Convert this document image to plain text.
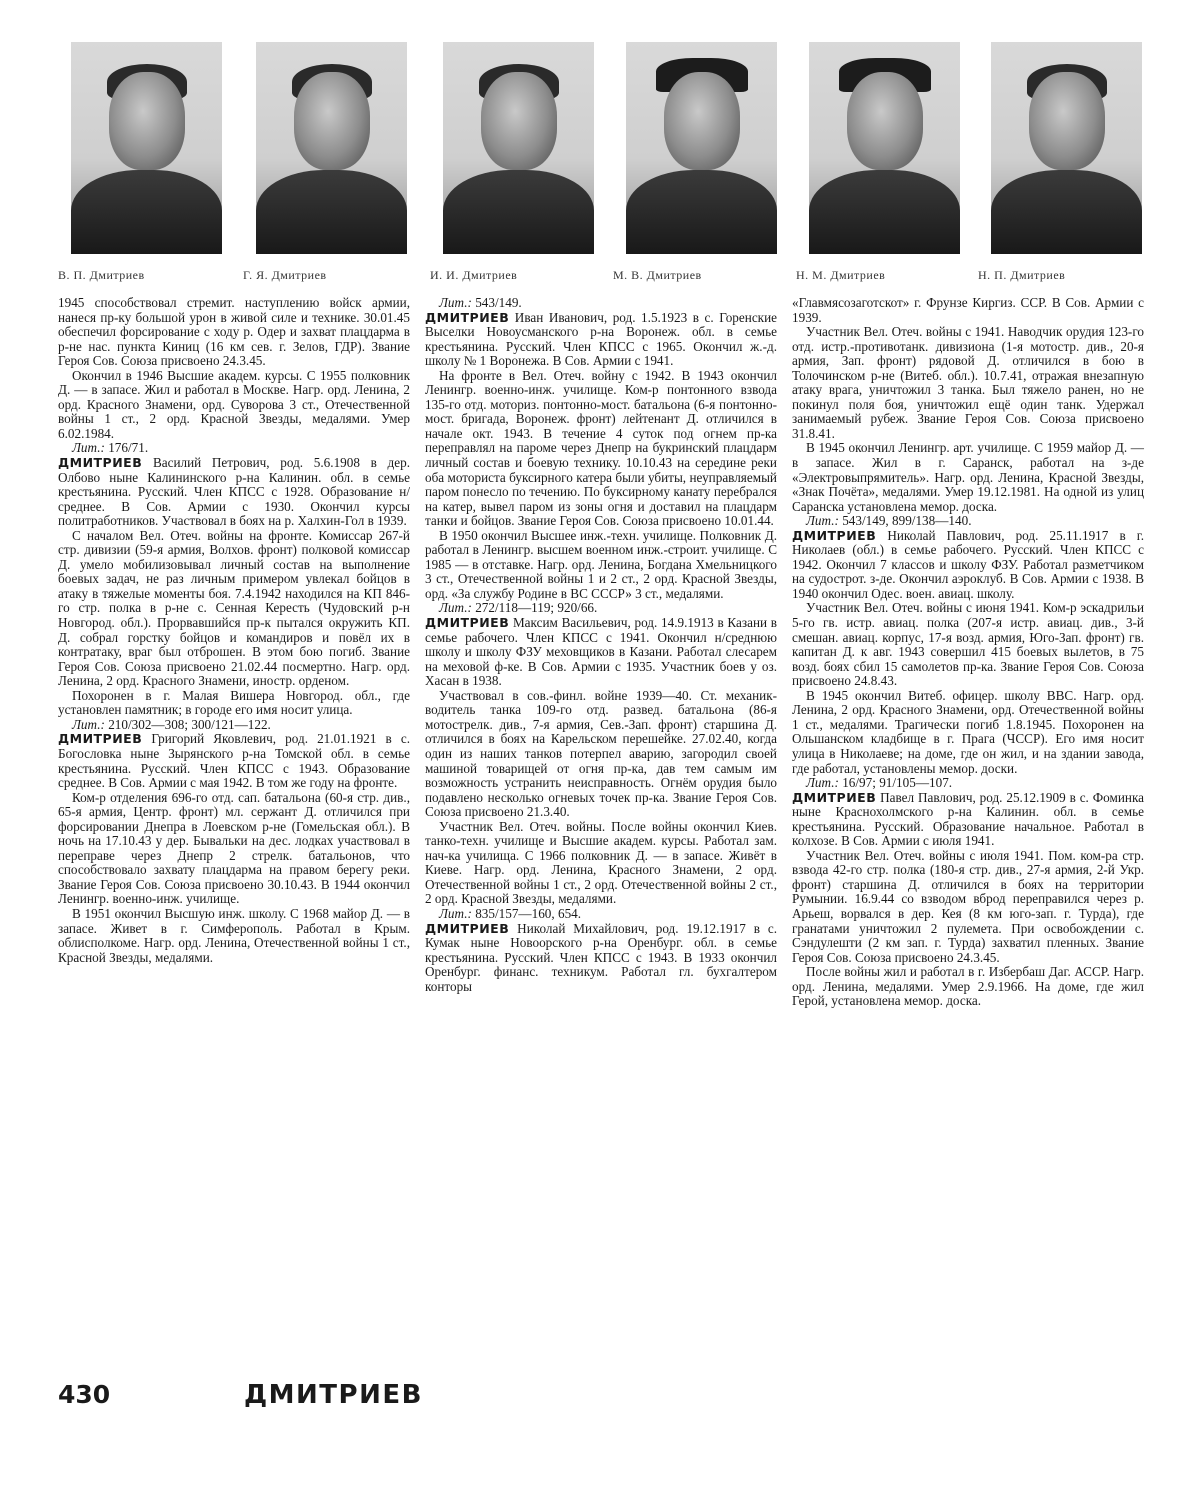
В. П. Дмитриев	Г. Я. Дмитриев	И. И. Дмитриев	М. В. Дмитриев	Н. М. Дмитриев	Н. П. Дмитриев

1945 способствовал стремит. наступлению войск армии, нанеся пр-ку большой урон в живой силе и технике. 30.01.45 обеспечил форсирование с ходу р. Одер и захват плацдарма в р-не нас. пункта Киниц (16 км сев. г. Зелов, ГДР). Звание Героя Сов. Союза присвоено 24.3.45.

Окончил в 1946 Высшие академ. курсы. С 1955 полковник Д. — в запасе. Жил и работал в Москве. Нагр. орд. Ленина, 2 орд. Красного Знамени, орд. Суворова 3 ст., Отечественной войны 1 ст., 2 орд. Красной Звезды, медалями. Умер 6.02.1984.

Лит.: 176/71.

ДМИТРИЕВ Василий Петрович, род. 5.6.1908 в дер. Олбово ныне Калининского р-на Калинин. обл. в семье крестьянина. Русский. Член КПСС с 1928. Образование н/среднее. В Сов. Армии с 1930. Окончил курсы политработников. Участвовал в боях на р. Халхин-Гол в 1939.

С началом Вел. Отеч. войны на фронте. Комиссар 267-й стр. дивизии (59-я армия, Волхов. фронт) полковой комиссар Д. умело мобилизовывал личный состав на выполнение боевых задач, не раз личным примером увлекал бойцов в атаку в тяжелые моменты боя. 7.4.1942 находился на КП 846-го стр. полка в р-не с. Сенная Кересть (Чудовский р-н Новгород. обл.). Прорвавшийся пр-к пытался окружить КП. Д. собрал горстку бойцов и командиров и повёл их в контратаку, враг был отброшен. В этом бою погиб. Звание Героя Сов. Союза присвоено 21.02.44 посмертно. Нагр. орд. Ленина, 2 орд. Красного Знамени, иностр. орденом.

Похоронен в г. Малая Вишера Новгород. обл., где установлен памятник; в городе его имя носит улица.

Лит.: 210/302—308; 300/121—122.

ДМИТРИЕВ Григорий Яковлевич, род. 21.01.1921 в с. Богословка ныне Зырянского р-на Томской обл. в семье крестьянина. Русский. Член КПСС с 1943. Образование среднее. В Сов. Армии с мая 1942. В том же году на фронте.

Ком-р отделения 696-го отд. сап. батальона (60-я стр. див., 65-я армия, Центр. фронт) мл. сержант Д. отличился при форсировании Днепра в Лоевском р-не (Гомельская обл.). В ночь на 17.10.43 у дер. Бывальки на дес. лодках участвовал в переправе через Днепр 2 стрелк. батальонов, что способствовало захвату плацдарма на правом берегу реки. Звание Героя Сов. Союза присвоено 30.10.43. В 1944 окончил Ленингр. военно-инж. училище.

В 1951 окончил Высшую инж. школу. С 1968 майор Д. — в запасе. Живет в г. Симферополь. Работал в Крым. облисполкоме. Нагр. орд. Ленина, Отечественной войны 1 ст., Красной Звезды, медалями.

Лит.: 543/149.

ДМИТРИЕВ Иван Иванович, род. 1.5.1923 в с. Горенские Выселки Новоусманского р-на Воронеж. обл. в семье крестьянина. Русский. Член КПСС с 1965. Окончил ж.-д. школу № 1 Воронежа. В Сов. Армии с 1941.

На фронте в Вел. Отеч. войну с 1942. В 1943 окончил Ленингр. военно-инж. училище. Ком-р понтонного взвода 135-го отд. моториз. понтонно-мост. батальона (6-я понтонно-мост. бригада, Воронеж. фронт) лейтенант Д. отличился в начале окт. 1943. В течение 4 суток под огнем пр-ка переправлял на пароме через Днепр на букринский плацдарм личный состав и боевую технику. 10.10.43 на середине реки оба моториста буксирного катера были убиты, неуправляемый паром понесло по течению. По буксирному канату перебрался на катер, вывел паром из зоны огня и доставил на плацдарм танки и бойцов. Звание Героя Сов. Союза присвоено 10.01.44.

В 1950 окончил Высшее инж.-техн. училище. Полковник Д. работал в Ленингр. высшем военном инж.-строит. училище. С 1985 — в отставке. Нагр. орд. Ленина, Богдана Хмельницкого 3 ст., Отечественной войны 1 и 2 ст., 2 орд. Красной Звезды, орд. «За службу Родине в ВС СССР» 3 ст., медалями.

Лит.: 272/118—119; 920/66.

ДМИТРИЕВ Максим Васильевич, род. 14.9.1913 в Казани в семье рабочего. Член КПСС с 1941. Окончил н/среднюю школу и школу ФЗУ меховщиков в Казани. Работал слесарем на меховой ф-ке. В Сов. Армии с 1935. Участник боев у оз. Хасан в 1938.

Участвовал в сов.-финл. войне 1939—40. Ст. механик-водитель танка 109-го отд. развед. батальона (86-я мотострелк. див., 7-я армия, Сев.-Зап. фронт) старшина Д. отличился в боях на Карельском перешейке. 27.02.40, когда один из наших танков потерпел аварию, загородил своей машиной товарищей от огня пр-ка, дав тем самым им возможность устранить неисправность. Огнём орудия было подавлено несколько огневых точек пр-ка. Звание Героя Сов. Союза присвоено 21.3.40.

Участник Вел. Отеч. войны. После войны окончил Киев. танко-техн. училище и Высшие академ. курсы. Работал зам. нач-ка училища. С 1966 полковник Д. — в запасе. Живёт в Киеве. Нагр. орд. Ленина, Красного Знамени, 2 орд. Отечественной войны 1 ст., 2 орд. Отечественной войны 2 ст., 2 орд. Красной Звезды, медалями.

Лит.: 835/157—160, 654.

ДМИТРИЕВ Николай Михайлович, род. 19.12.1917 в с. Кумак ныне Новоорского р-на Оренбург. обл. в семье крестьянина. Русский. Член КПСС с 1943. В 1933 окончил Оренбург. финанс. техникум. Работал гл. бухгалтером конторы

«Главмясозаготскот» г. Фрунзе Киргиз. ССР. В Сов. Армии с 1939.

Участник Вел. Отеч. войны с 1941. Наводчик орудия 123-го отд. истр.-противотанк. дивизиона (1-я мотостр. див., 20-я армия, Зап. фронт) рядовой Д. отличился в бою в Толочинском р-не (Витеб. обл.). 10.7.41, отражая внезапную атаку врага, уничтожил 3 танка. Был тяжело ранен, но не покинул поля боя, уничтожил ещё один танк. Удержал занимаемый рубеж. Звание Героя Сов. Союза присвоено 31.8.41.

В 1945 окончил Ленингр. арт. училище. С 1959 майор Д. — в запасе. Жил в г. Саранск, работал на з-де «Электровыпрямитель». Нагр. орд. Ленина, Красной Звезды, «Знак Почёта», медалями. Умер 19.12.1981. На одной из улиц Саранска установлена мемор. доска.

Лит.: 543/149, 899/138—140.

ДМИТРИЕВ Николай Павлович, род. 25.11.1917 в г. Николаев (обл.) в семье рабочего. Русский. Член КПСС с 1942. Окончил 7 классов и школу ФЗУ. Работал разметчиком на судострот. з-де. Окончил аэроклуб. В Сов. Армии с 1938. В 1940 окончил Одес. воен. авиац. школу.

Участник Вел. Отеч. войны с июня 1941. Ком-р эскадрильи 5-го гв. истр. авиац. полка (207-я истр. авиац. див., 3-й смешан. авиац. корпус, 17-я возд. армия, Юго-Зап. фронт) гв. капитан Д. к авг. 1943 совершил 415 боевых вылетов, в 75 возд. боях сбил 15 самолетов пр-ка. Звание Героя Сов. Союза присвоено 24.8.43.

В 1945 окончил Витеб. офицер. школу ВВС. Нагр. орд. Ленина, 2 орд. Красного Знамени, орд. Отечественной войны 1 ст., медалями. Трагически погиб 1.8.1945. Похоронен на Ольшанском кладбище в г. Прага (ЧССР). Его имя носит улица в Николаеве; на доме, где он жил, и на здании завода, где работал, установлены мемор. доски.

Лит.: 16/97; 91/105—107.

ДМИТРИЕВ Павел Павлович, род. 25.12.1909 в с. Фоминка ныне Краснохолмского р-на Калинин. обл. в семье крестьянина. Русский. Образование начальное. Работал в колхозе. В Сов. Армии с июля 1941.

Участник Вел. Отеч. войны с июля 1941. Пом. ком-ра стр. взвода 42-го стр. полка (180-я стр. див., 27-я армия, 2-й Укр. фронт) старшина Д. отличился в боях на территории Румынии. 16.9.44 со взводом вброд переправился через р. Арьеш, ворвался в дер. Кея (8 км юго-зап. г. Турда), где гранатами уничтожил 2 пулемета. При освобождении с. Сэндулешти (2 км зап. г. Турда) захватил пленных. Звание Героя Сов. Союза присвоено 24.3.45.

После войны жил и работал в г. Избербаш Даг. АССР. Нагр. орд. Ленина, медалями. Умер 2.9.1966. На доме, где жил Герой, установлена мемор. доска.

430	ДМИТРИЕВ
